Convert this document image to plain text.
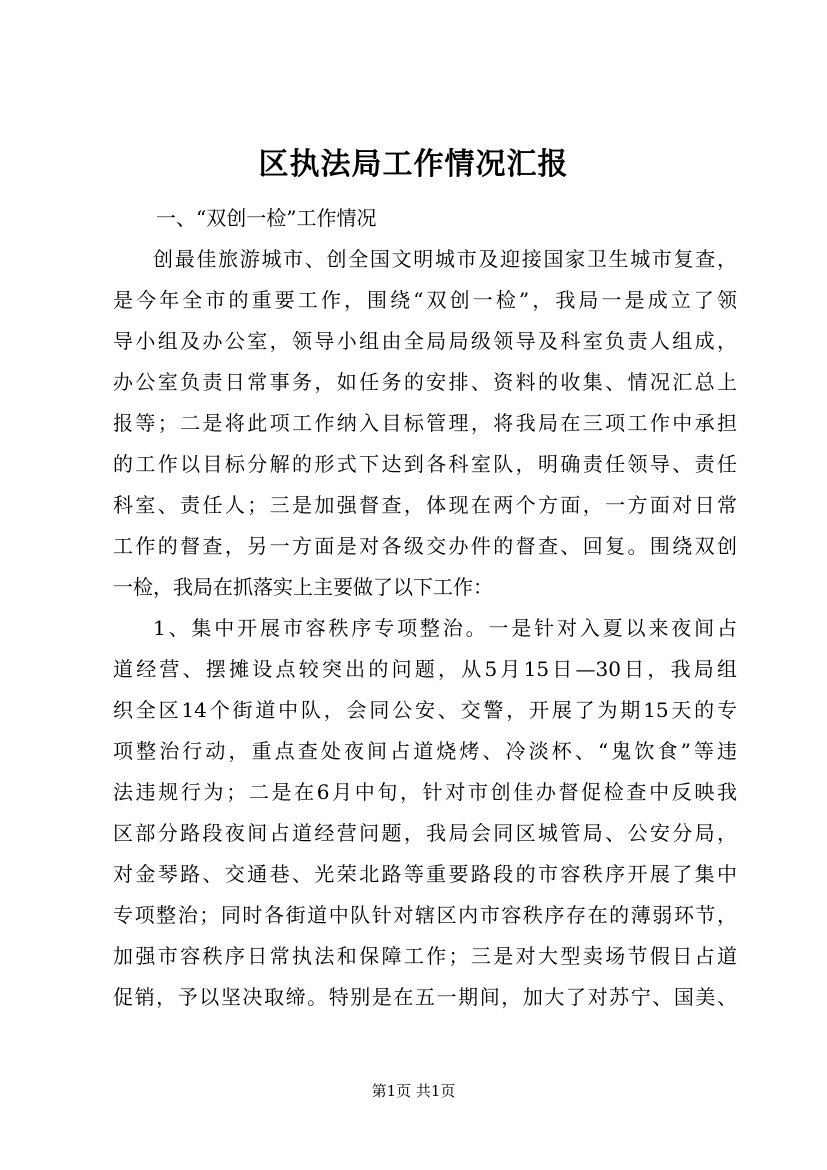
区执法局工作情况汇报
一、“双创一检”工作情况
创最佳旅游城市、创全国文明城市及迎接国家卫生城市复查，
是今年全市的重要工作，围绕“双创一检”，我局一是成立了领
导小组及办公室，领导小组由全局局级领导及科室负责人组成，
办公室负责日常事务，如任务的安排、资料的收集、情况汇总上
报等；二是将此项工作纳入目标管理，将我局在三项工作中承担
的工作以目标分解的形式下达到各科室队，明确责任领导、责任
科室、责任人；三是加强督查，体现在两个方面，一方面对日常
工作的督查，另一方面是对各级交办件的督查、回复。围绕双创
一检，我局在抓落实上主要做了以下工作：
1、集中开展市容秩序专项整治。一是针对入夏以来夜间占
道经营、摆摊设点较突出的问题，从5月15日—30日，我局组
织全区14个街道中队，会同公安、交警，开展了为期15天的专
项整治行动，重点查处夜间占道烧烤、冷淡杯、“鬼饮食”等违
法违规行为；二是在6月中旬，针对市创佳办督促检查中反映我
区部分路段夜间占道经营问题，我局会同区城管局、公安分局，
对金琴路、交通巷、光荣北路等重要路段的市容秩序开展了集中
专项整治；同时各街道中队针对辖区内市容秩序存在的薄弱环节，
加强市容秩序日常执法和保障工作；三是对大型卖场节假日占道
促销，予以坚决取缔。特别是在五一期间，加大了对苏宁、国美、
第1页 共1页
